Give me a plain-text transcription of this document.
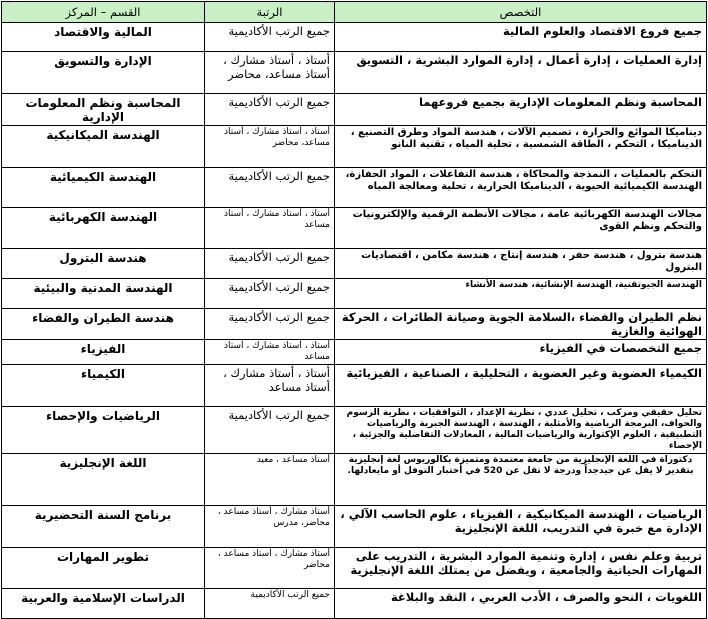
التخصص	الرتبة	القسم – المركز
جميع فروع الاقتصاد والعلوم المالية	جميع الرتب الأكاديمية	المالية والاقتصاد
إدارة العمليات ، إدارة أعمال ، إدارة الموارد البشرية ، التسويق	أستاذ ، أستاذ مشارك ، أستاذ مساعد، محاضر	الإدارة والتسويق
المحاسبة ونظم المعلومات الإدارية بجميع فروعهما	جميع الرتب الأكاديمية	المحاسبة ونظم المعلومات الإدارية
ديناميكا الموائع والحرارة ، تصميم الآلات ، هندسة المواد وطرق التصنيع ، الديناميكا ، التحكم ، الطاقة الشمسية ، تحلية المياه ، تقنية النانو	أستاذ ، أستاذ مشارك ، أستاذ مساعد، محاضر	الهندسة الميكانيكية
التحكم بالعمليات ، النمذجة والمحاكاة ، هندسة التفاعلات ، المواد الحفازة، الهندسة الكيميائية الحيوية ، الديناميكا الحرارية ، تحلية ومعالجة المياه	جميع الرتب الأكاديمية	الهندسة الكيميائية
مجالات الهندسة الكهربائية عامة ، مجالات الأنظمة الرقمية والإلكترونيات والتحكم ونظم القوى	أستاذ ، أستاذ مشارك ، أستاذ مساعد	الهندسة الكهربائية
هندسة بترول ، هندسة حفر ، هندسة إنتاج ، هندسة مكامن ، اقتصاديات البترول	جميع الرتب الأكاديمية	هندسة البترول
الهندسة الجيوتقنية، الهندسة الإنشائية، هندسة الأنشاء	جميع الرتب الأكاديمية	الهندسة المدنية والبيئية
نظم الطيران والفضاء ،السلامة الجوية وصيانة الطائرات ، الحركة الهوائية والغازية	جميع الرتب الأكاديمية	هندسة الطيران والفضاء
جميع التخصصات في الفيزياء	أستاذ ، أستاذ مشارك ، أستاذ مساعد	الفيزياء
الكيمياء العضوية وغير العضوية ، التحليلية ، الصناعية ، الفيزيائية	أستاذ ، أستاذ مشارك ، أستاذ مساعد	الكيمياء
تحليل حقيقي ومركب ، تحليل عددي ، نظرية الإعداد ، التوافقيات ، نظرية الرسوم والحواف، البرمجة الرياضية والأمثلية ، الهندسة ، الهندسة الجبرية والرياضيات التطبيقية ، العلوم الإكتوارية والرياضيات المالية ، المعادلات التفاضلية والجزئية ، الإحصاء	جميع الرتب الأكاديمية	الرياضيات والإحصاء
دكتوراة في اللغة الإنجليزية من جامعة معتمدة ومتميزة بكالوريوس لغة إنجليزية بتقدير لا يقل عن جيدجداً ودرجة لا تقل عن 520 في أختبار التوفل أو مايعادلها.	أستاذ مساعد ، معيد	اللغة الإنجليزية
الرياضيات ، الهندسة الميكانيكية ، الفيزياء ، علوم الحاسب الآلي ، الإدارة مع خبرة في التدريب، اللغة الإنجليزية	أستاذ مشارك ، أستاذ مساعد ، محاضر، مدرس	برنامج السنة التحضيرية
تربية وعلم نفس ، إدارة وتنمية الموارد البشرية ، التدريب على المهارات الحياتية والجامعية ، ويفضل من يمتلك اللغة الإنجليزية	أستاذ مشارك ، أستاذ مساعد ، محاضر	تطوير المهارات
اللغويات ، النحو والصرف ، الأدب العربي ، النقد والبلاغة	جميع الرتب الأكاديمية	الدراسات الإسلامية والعربية
